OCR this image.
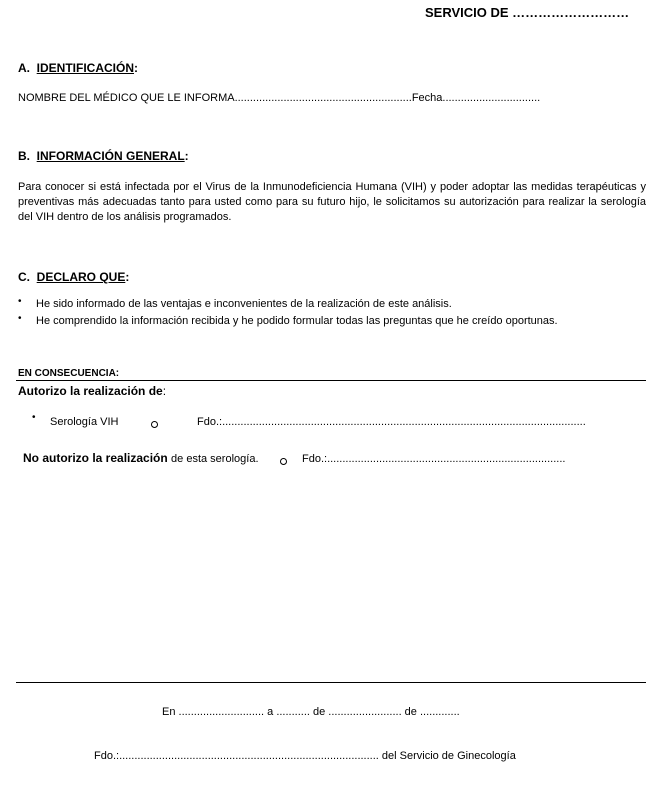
SERVICIO DE ………………………
A. IDENTIFICACIÓN:
NOMBRE DEL MÉDICO QUE LE INFORMA..........................................................Fecha................................
B. INFORMACIÓN GENERAL:
Para conocer si está infectada por el Virus de la Inmunodeficiencia Humana (VIH) y poder adoptar las medidas terapéuticas y preventivas más adecuadas tanto para usted como para su futuro hijo, le solicitamos su autorización para realizar la serología del VIH dentro de los análisis programados.
C. DECLARO QUE:
• He sido informado de las ventajas e inconvenientes de la realización de este análisis.
• He comprendido la información recibida y he podido formular todas las preguntas que he creído oportunas.
EN CONSECUENCIA:
Autorizo la realización de:
• Serología VIH	Fdo.:.......................................................................................................................
No autorizo la realización de esta serología.	Fdo.:..............................................................................
En ............................ a ........... de ........................ de .............
Fdo.:..................................................................................... del Servicio de Ginecología
